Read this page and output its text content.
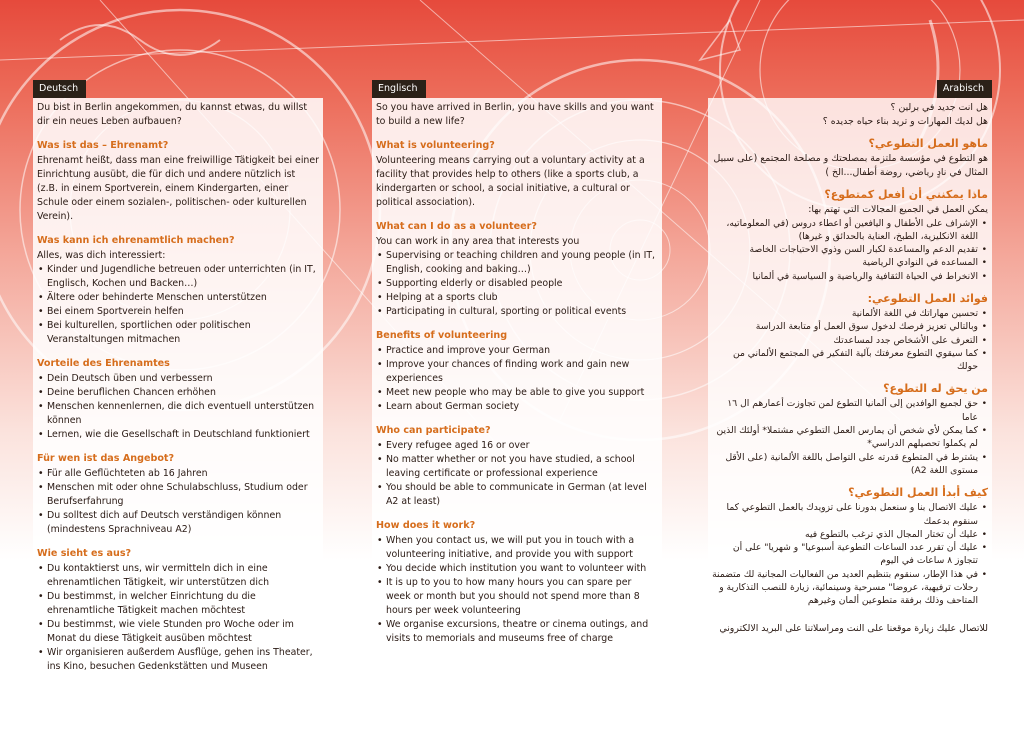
Deutsch

Du bist in Berlin angekommen, du kannst etwas, du willst dir ein neues Leben aufbauen?

Was ist das – Ehrenamt?

Ehrenamt heißt, dass man eine freiwillige Tätigkeit bei einer Einrichtung ausübt, die für dich und andere nützlich ist (z.B. in einem Sportverein, einem Kindergarten, einer Schule oder einem sozialen-, politischen- oder kulturellen Verein).

Was kann ich ehrenamtlich machen?

Alles, was dich interessiert:

• Kinder und Jugendliche betreuen oder unterrichten (in IT, Englisch, Kochen und Backen…)
• Ältere oder behinderte Menschen unterstützen
• Bei einem Sportverein helfen
• Bei kulturellen, sportlichen oder politischen Veranstaltungen mitmachen
Vorteile des Ehrenamtes
• Dein Deutsch üben und verbessern
• Deine beruflichen Chancen erhöhen
• Menschen kennenlernen, die dich eventuell unterstützen können
• Lernen, wie die Gesellschaft in Deutschland funktioniert
Für wen ist das Angebot?
• Für alle Geflüchteten ab 16 Jahren
• Menschen mit oder ohne Schulabschluss, Studium oder Berufserfahrung
• Du solltest dich auf Deutsch verständigen können (mindestens Sprachniveau A2)
Wie sieht es aus?
• Du kontaktierst uns, wir vermitteln dich in eine ehrenamtlichen Tätigkeit, wir unterstützen dich
• Du bestimmst, in welcher Einrichtung du die ehrenamtliche Tätigkeit machen möchtest
• Du bestimmst, wie viele Stunden pro Woche oder im Monat du diese Tätigkeit ausüben möchtest
• Wir organisieren außerdem Ausflüge, gehen ins Theater, ins Kino, besuchen Gedenkstätten und Museen
Englisch

So you have arrived in Berlin, you have skills and you want to build a new life?

What is volunteering?

Volunteering means carrying out a voluntary activity at a facility that provides help to others (like a sports club, a kindergarten or school, a social initiative, a cultural or political association).

What can I do as a volunteer?

You can work in any area that interests you

• Supervising or teaching children and young people (in IT, English, cooking and baking…)
• Supporting elderly or disabled people
• Helping at a sports club
• Participating in cultural, sporting or political events
Benefits of volunteering
• Practice and improve your German
• Improve your chances of finding work and gain new experiences
• Meet new people who may be able to give you support
• Learn about German society
Who can participate?
• Every refugee aged 16 or over
• No matter whether or not you have studied, a school leaving certificate or professional experience
• You should be able to communicate in German (at level A2 at least)
How does it work?
• When you contact us, we will put you in touch with a volunteering initiative, and provide you with support
• You decide which institution you want to volunteer with
• It is up to you to how many hours you can spare per week or month but you should not spend more than 8 hours per week volunteering
• We organise excursions, theatre or cinema outings, and visits to memorials and museums free of charge
Arabisch

هل انت جديد في برلين ؟

هل لديك المهارات و تريد بناء حياه جديده ؟

ماهو العمل التطوعي؟

هو التطوع في مؤسسة ملتزمة بمصلحتك و مصلحة المجتمع (على سبيل المثال في نادٍ رياضي، روضة أطفال...الخ )

ماذا يمكنني أن أفعل كمتطوع؟

يمكن العمل في الجميع المجالات التي تهتم بها:

• الإشراف على الأطفال و اليافعين أو اعطاء دروس (في المعلوماتيه، اللغة الانكليزية، الطبخ، العناية بالحدائق و غيرها)
• تقديم الدعم والمساعدة لكبار السن وذوي الاحتياجات الخاصة
• المساعده في النوادي الرياضية
• الانخراط في الحياة الثقافية والرياضية و السياسية في ألمانيا
فوائد العمل التطوعي:
• تحسين مهاراتك في اللغة الألمانية
• وبالتالي تعزيز فرصك لدخول سوق العمل أو متابعة الدراسة
• التعرف على الأشخاص جدد لمساعدتك
• كما سيقوي التطوع معرفتك بآلية التفكير في المجتمع الألماني من حولك
من يحق له التطوع؟
• حق لجميع الوافدين إلى ألمانيا التطوع لمن تجاوزت أعمارهم ال ١٦ عاما
• كما يمكن لأي شخص أن يمارس العمل التطوعي مشتملا* أولئك الذين لم يكملوا تحصيلهم الدراسي*
• يشترط في المتطوع قدرته على التواصل باللغة الألمانية (على الأقل مستوى اللغة A2)
كيف أبدأ العمل التطوعي؟
• عليك الاتصال بنا و سنعمل بدورنا على تزويدك بالعمل التطوعي كما سنقوم بدعمك
• عليك أن تختار المجال الذي ترغب بالتطوع فيه
• عليك أن تقرر عدد الساعات التطوعية أسبوعيا" و شهريا" على أن تتجاوز ٨ ساعات في اليوم
• في هذا الإطار، سنقوم بتنظيم العديد من الفعاليات المجانية لك متضمنة رحلات ترفيهية، عروضا" مسرحية وسينمائية، زيارة للنصب التذكارية و المتاحف وذلك برفقة متطوعين ألمان وغيرهم

للاتصال عليك زيارة موقعنا على النت ومراسلاتنا على البريد الالكتروني
